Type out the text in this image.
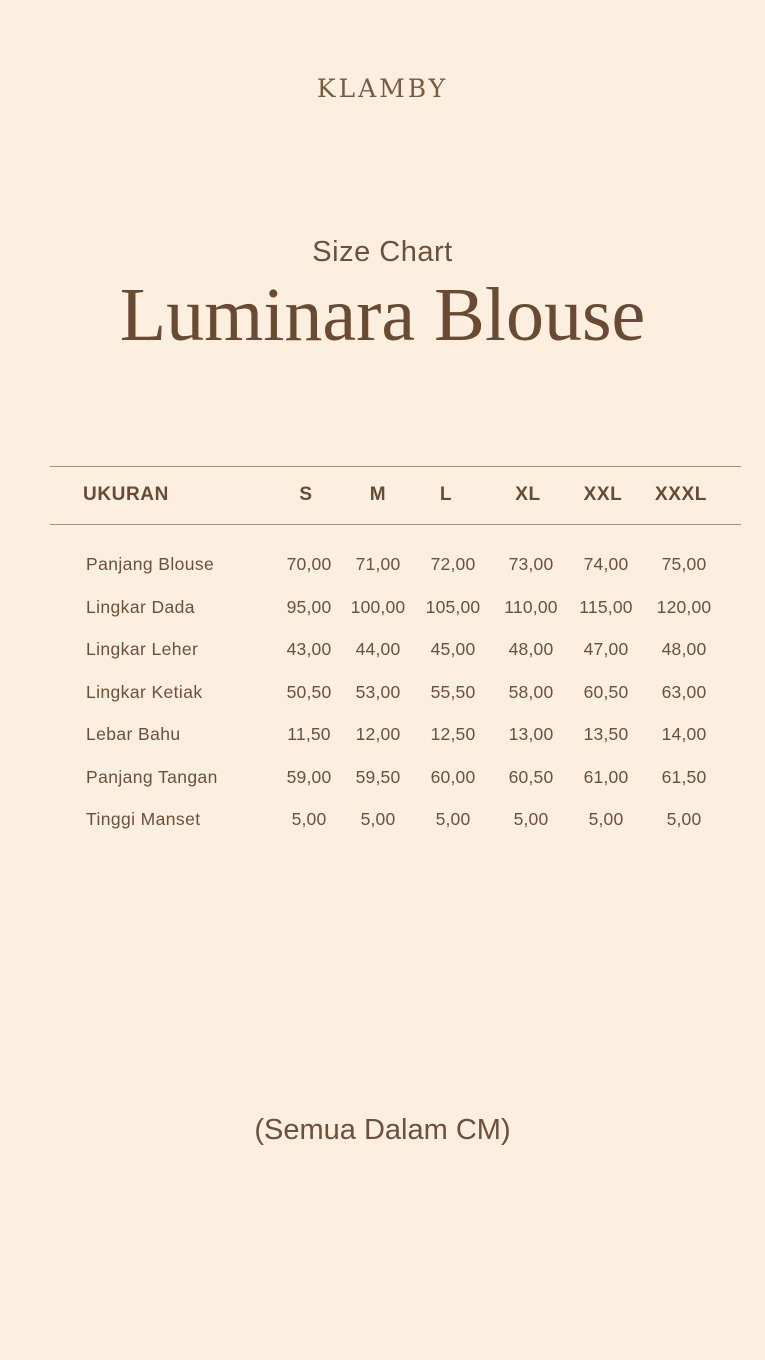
KLAMBY
Size Chart
Luminara Blouse
UKURAN	S	M	L	XL XXL XXXL
Panjang Blouse	70,00 71,00 72,00 73,00 74,00 75,00
Lingkar Dada	95,00 100,00 105,00 110,00 115,00 120,00
Lingkar Leher	43,00 44,00 45,00 48,00 47,00 48,00
Lingkar Ketiak	50,50 53,00 55,50 58,00 60,50 63,00
Lebar Bahu	11,50 12,00 12,50 13,00 13,50 14,00
Panjang Tangan	59,00 59,50 60,00 60,50 61,00 61,50
Tinggi Manset	5,00 5,00 5,00 5,00 5,00 5,00
(Semua Dalam CM)
